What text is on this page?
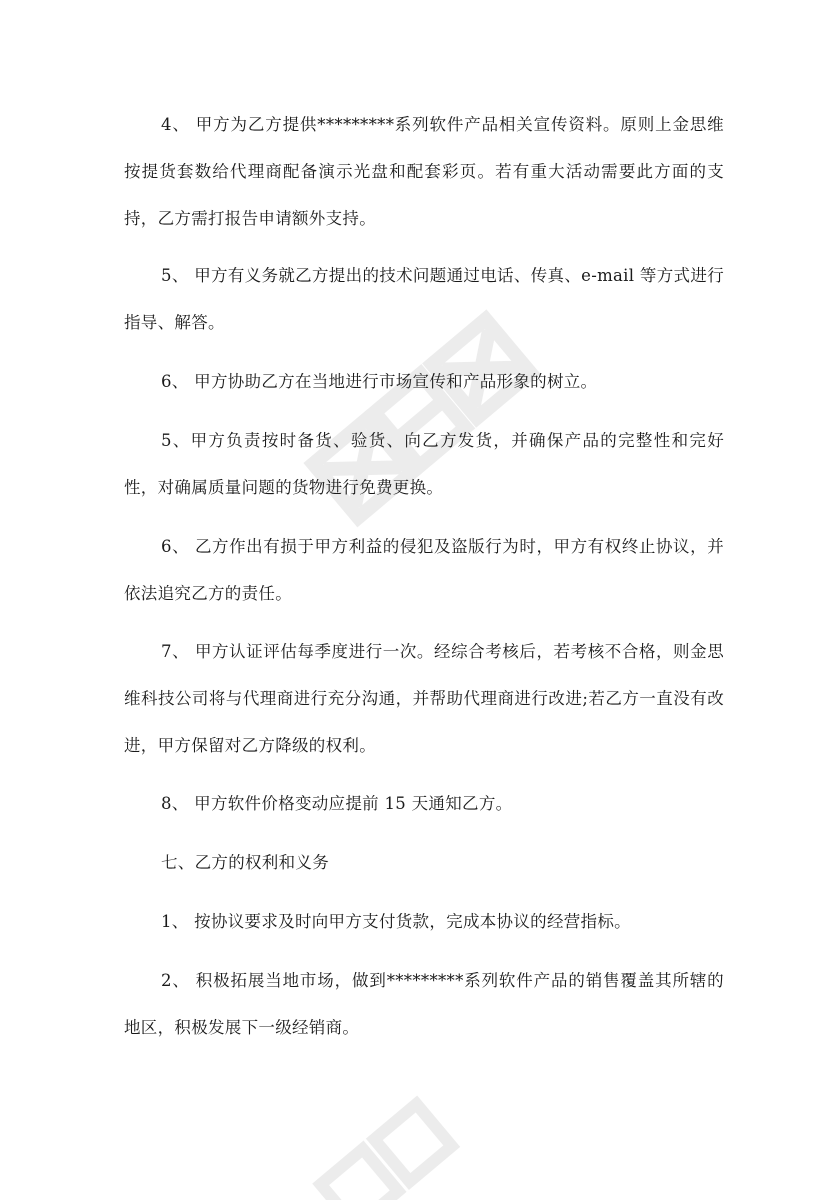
4、 甲方为乙方提供*********系列软件产品相关宣传资料。原则上金思维按提货套数给代理商配备演示光盘和配套彩页。若有重大活动需要此方面的支持，乙方需打报告申请额外支持。

5、 甲方有义务就乙方提出的技术问题通过电话、传真、e-mail 等方式进行指导、解答。

6、 甲方协助乙方在当地进行市场宣传和产品形象的树立。

5、甲方负责按时备货、验货、向乙方发货，并确保产品的完整性和完好性，对确属质量问题的货物进行免费更换。

6、 乙方作出有损于甲方利益的侵犯及盗版行为时，甲方有权终止协议，并依法追究乙方的责任。

7、 甲方认证评估每季度进行一次。经综合考核后，若考核不合格，则金思维科技公司将与代理商进行充分沟通，并帮助代理商进行改进;若乙方一直没有改进，甲方保留对乙方降级的权利。

8、 甲方软件价格变动应提前 15 天通知乙方。

七、乙方的权利和义务

1、 按协议要求及时向甲方支付货款，完成本协议的经营指标。

2、 积极拓展当地市场，做到*********系列软件产品的销售覆盖其所辖的地区，积极发展下一级经销商。
